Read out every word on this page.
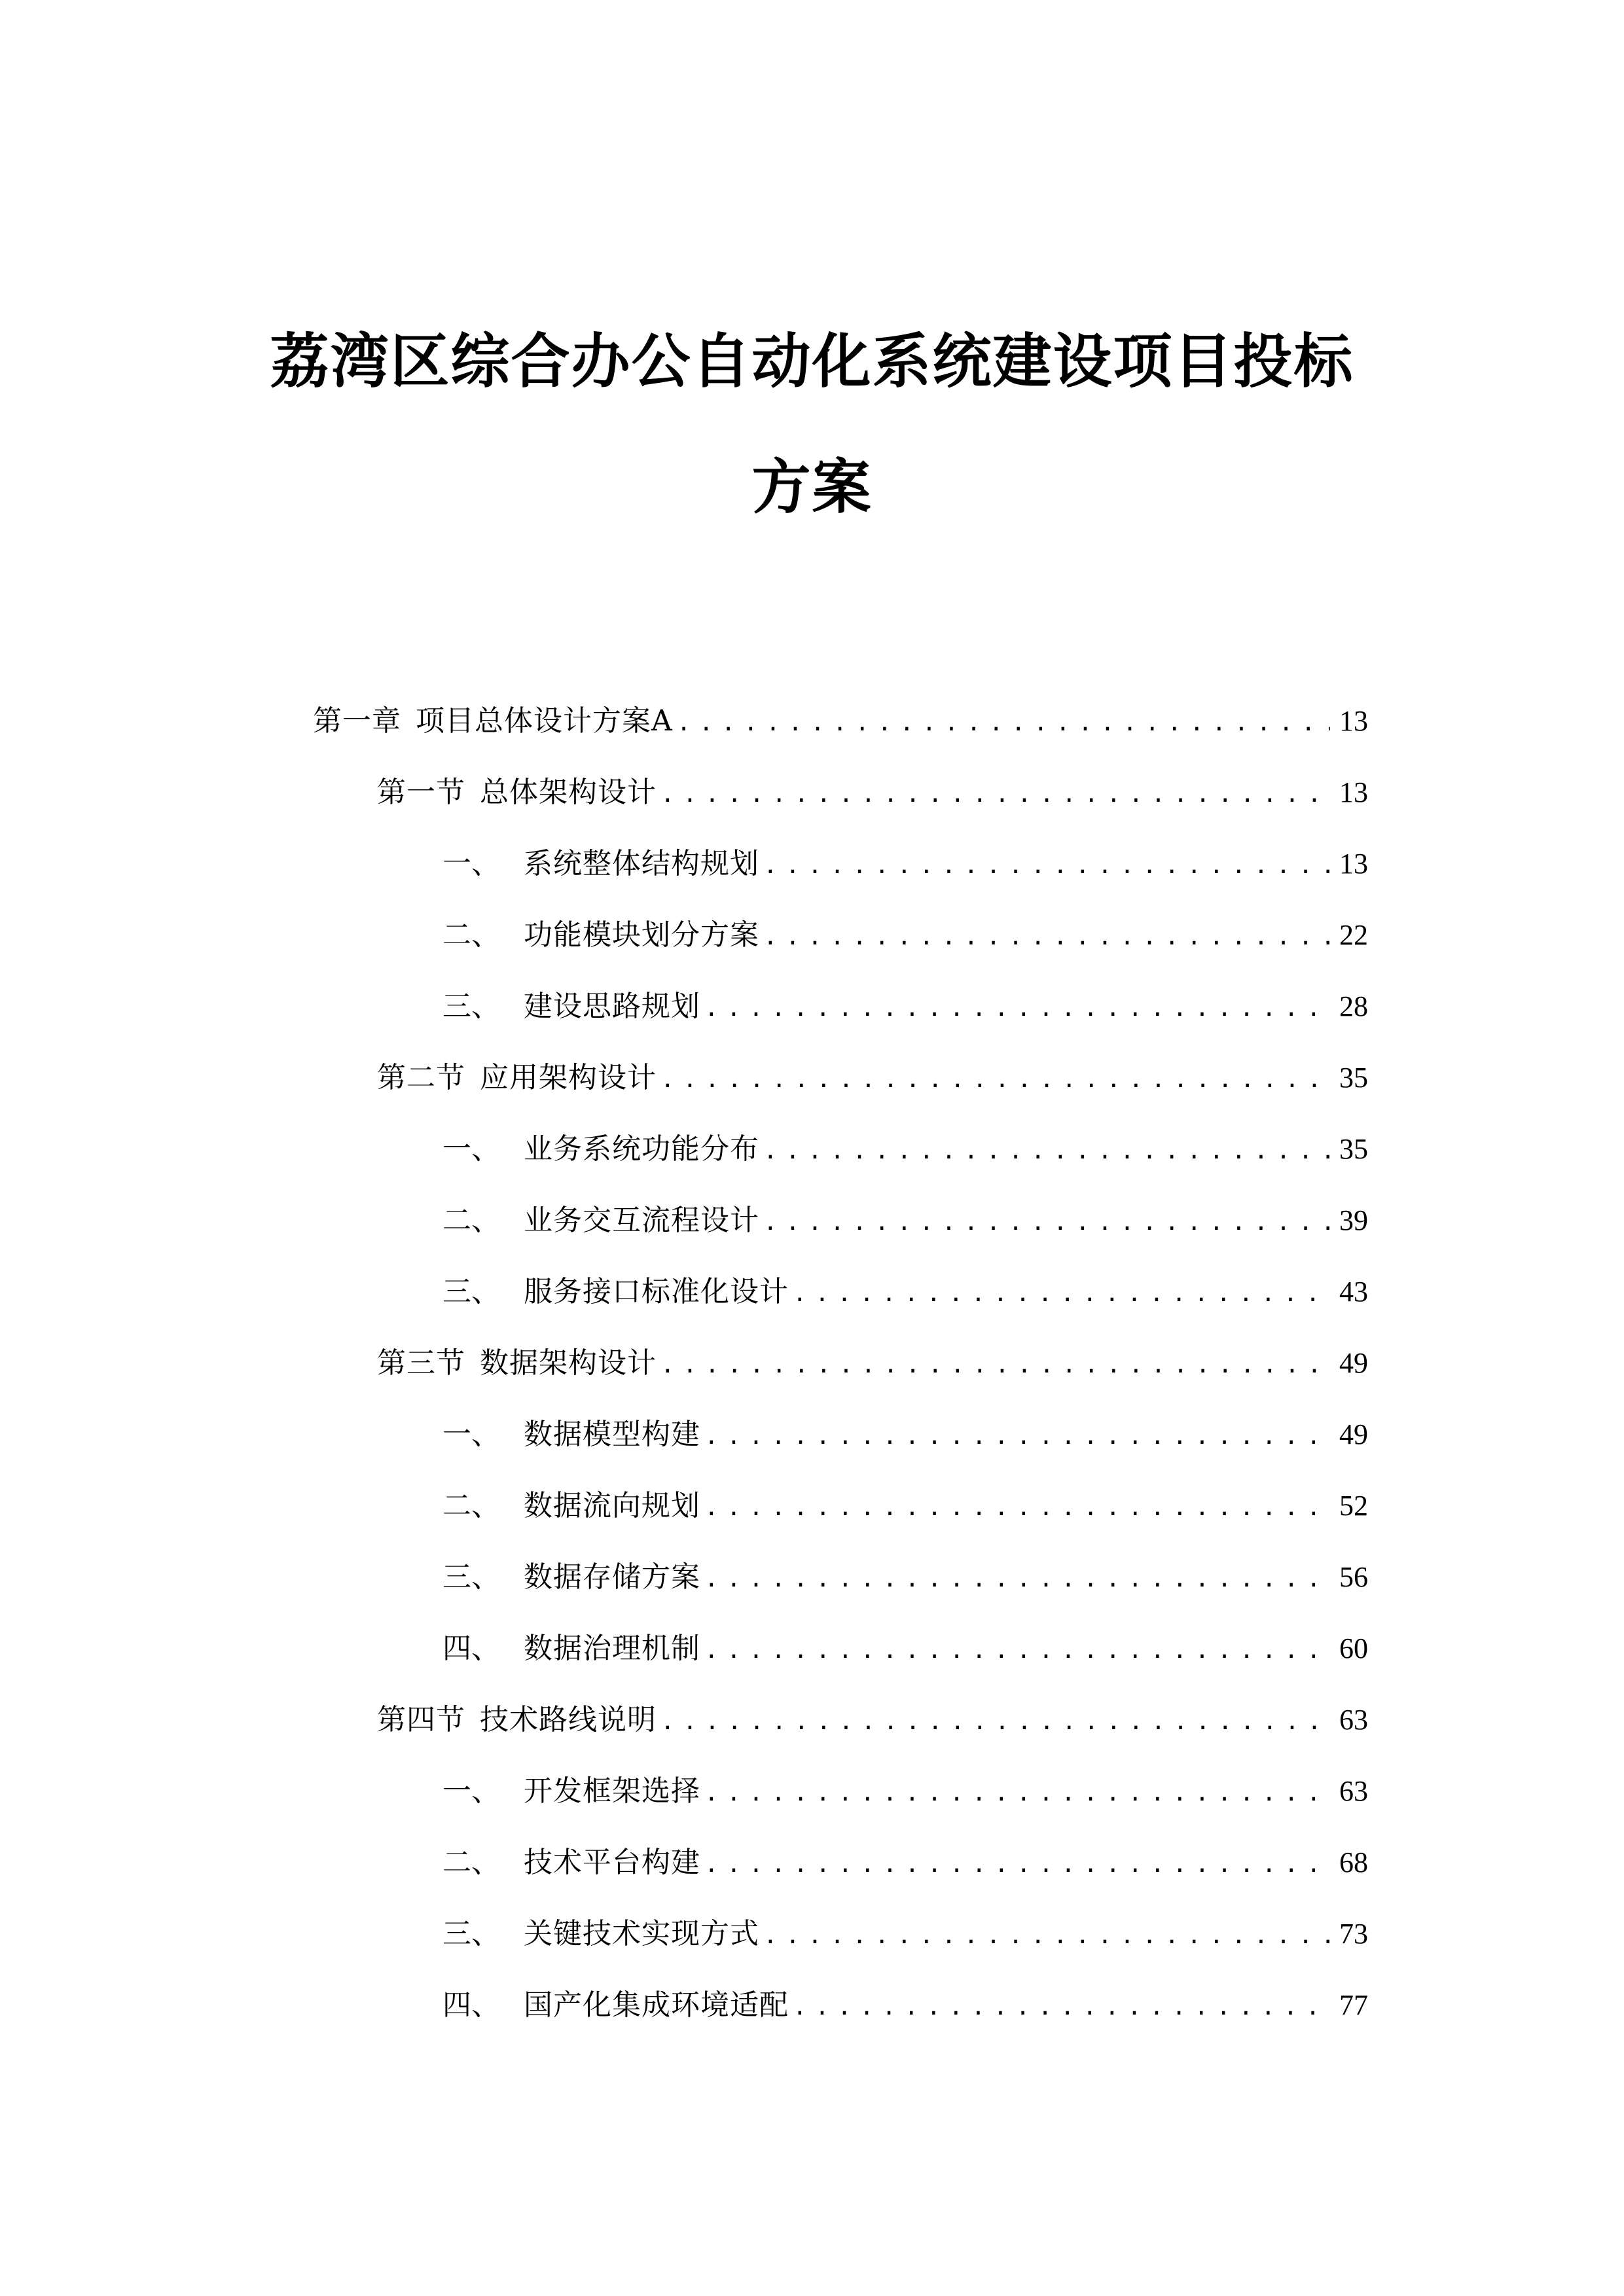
荔湾区综合办公自动化系统建设项目投标
方案
第一章 项目总体设计方案A .....	13
第一节 总体架构设计 .....	13
一、 系统整体结构规划 .....	13
二、 功能模块划分方案 .....	22
三、 建设思路规划 .....	28
第二节 应用架构设计 .....	35
一、 业务系统功能分布 .....	35
二、 业务交互流程设计 .....	39
三、 服务接口标准化设计 .....	43
第三节 数据架构设计 .....	49
一、 数据模型构建 .....	49
二、 数据流向规划 .....	52
三、 数据存储方案 .....	56
四、 数据治理机制 .....	60
第四节 技术路线说明 .....	63
一、 开发框架选择 .....	63
二、 技术平台构建 .....	68
三、 关键技术实现方式 .....	73
四、 国产化集成环境适配 .....	77
